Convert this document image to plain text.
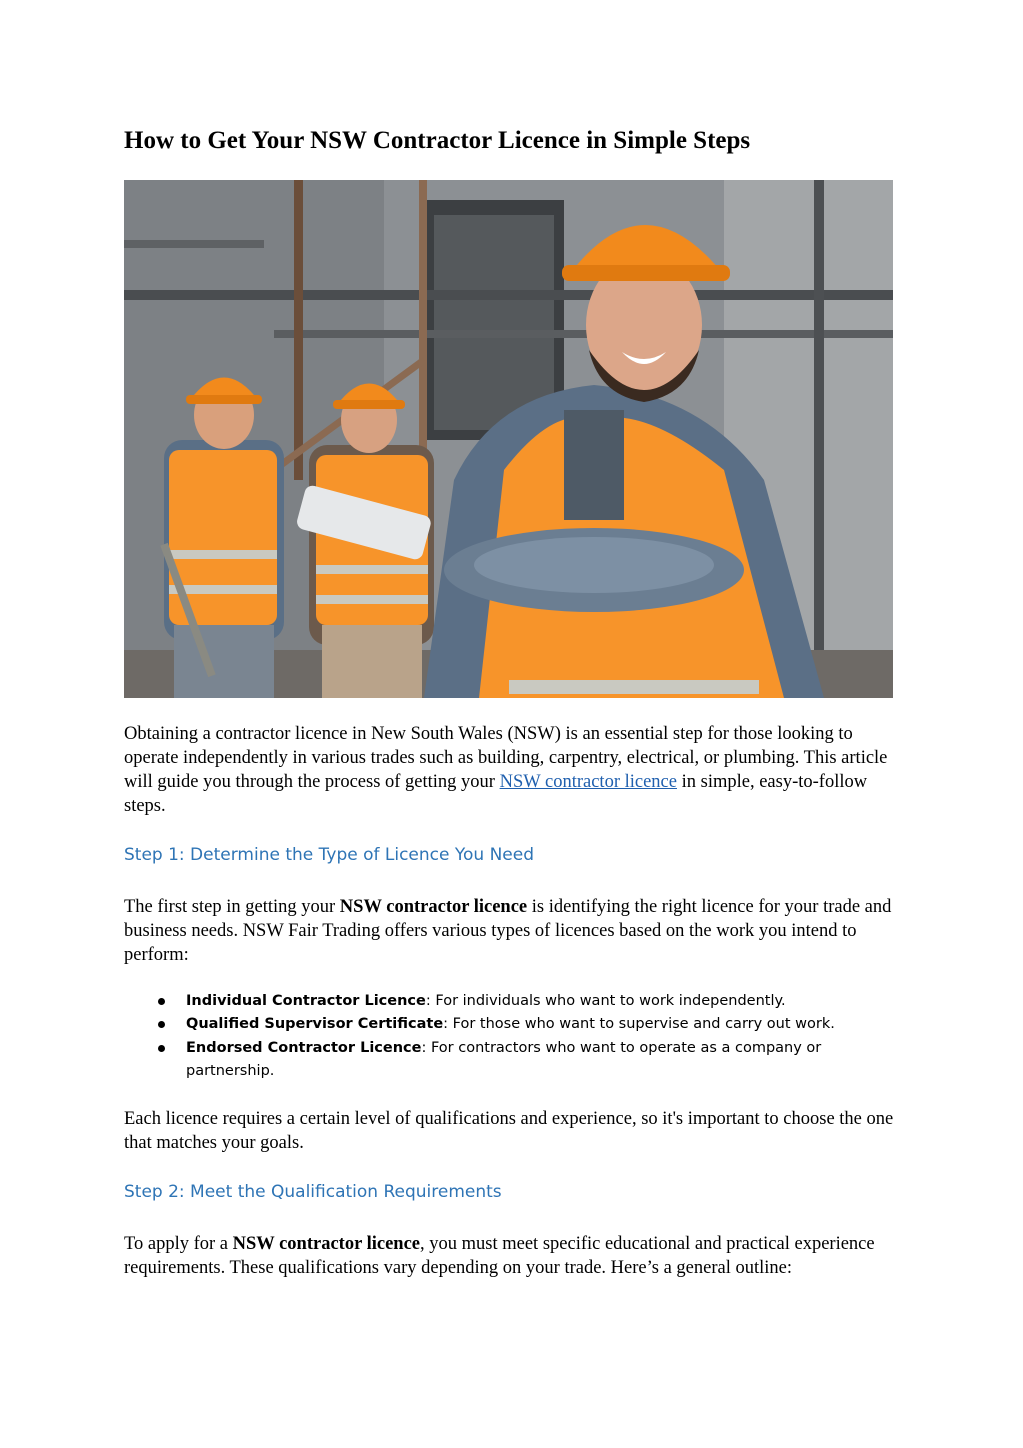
How to Get Your NSW Contractor Licence in Simple Steps

Obtaining a contractor licence in New South Wales (NSW) is an essential step for those looking to operate independently in various trades such as building, carpentry, electrical, or plumbing. This article will guide you through the process of getting your NSW contractor licence in simple, easy-to-follow steps.

Step 1: Determine the Type of Licence You Need

The first step in getting your NSW contractor licence is identifying the right licence for your trade and business needs. NSW Fair Trading offers various types of licences based on the work you intend to perform:

Individual Contractor Licence: For individuals who want to work independently.
Qualified Supervisor Certificate: For those who want to supervise and carry out work.
Endorsed Contractor Licence: For contractors who want to operate as a company or partnership.

Each licence requires a certain level of qualifications and experience, so it's important to choose the one that matches your goals.

Step 2: Meet the Qualification Requirements

To apply for a NSW contractor licence, you must meet specific educational and practical experience requirements. These qualifications vary depending on your trade. Here’s a general outline:
